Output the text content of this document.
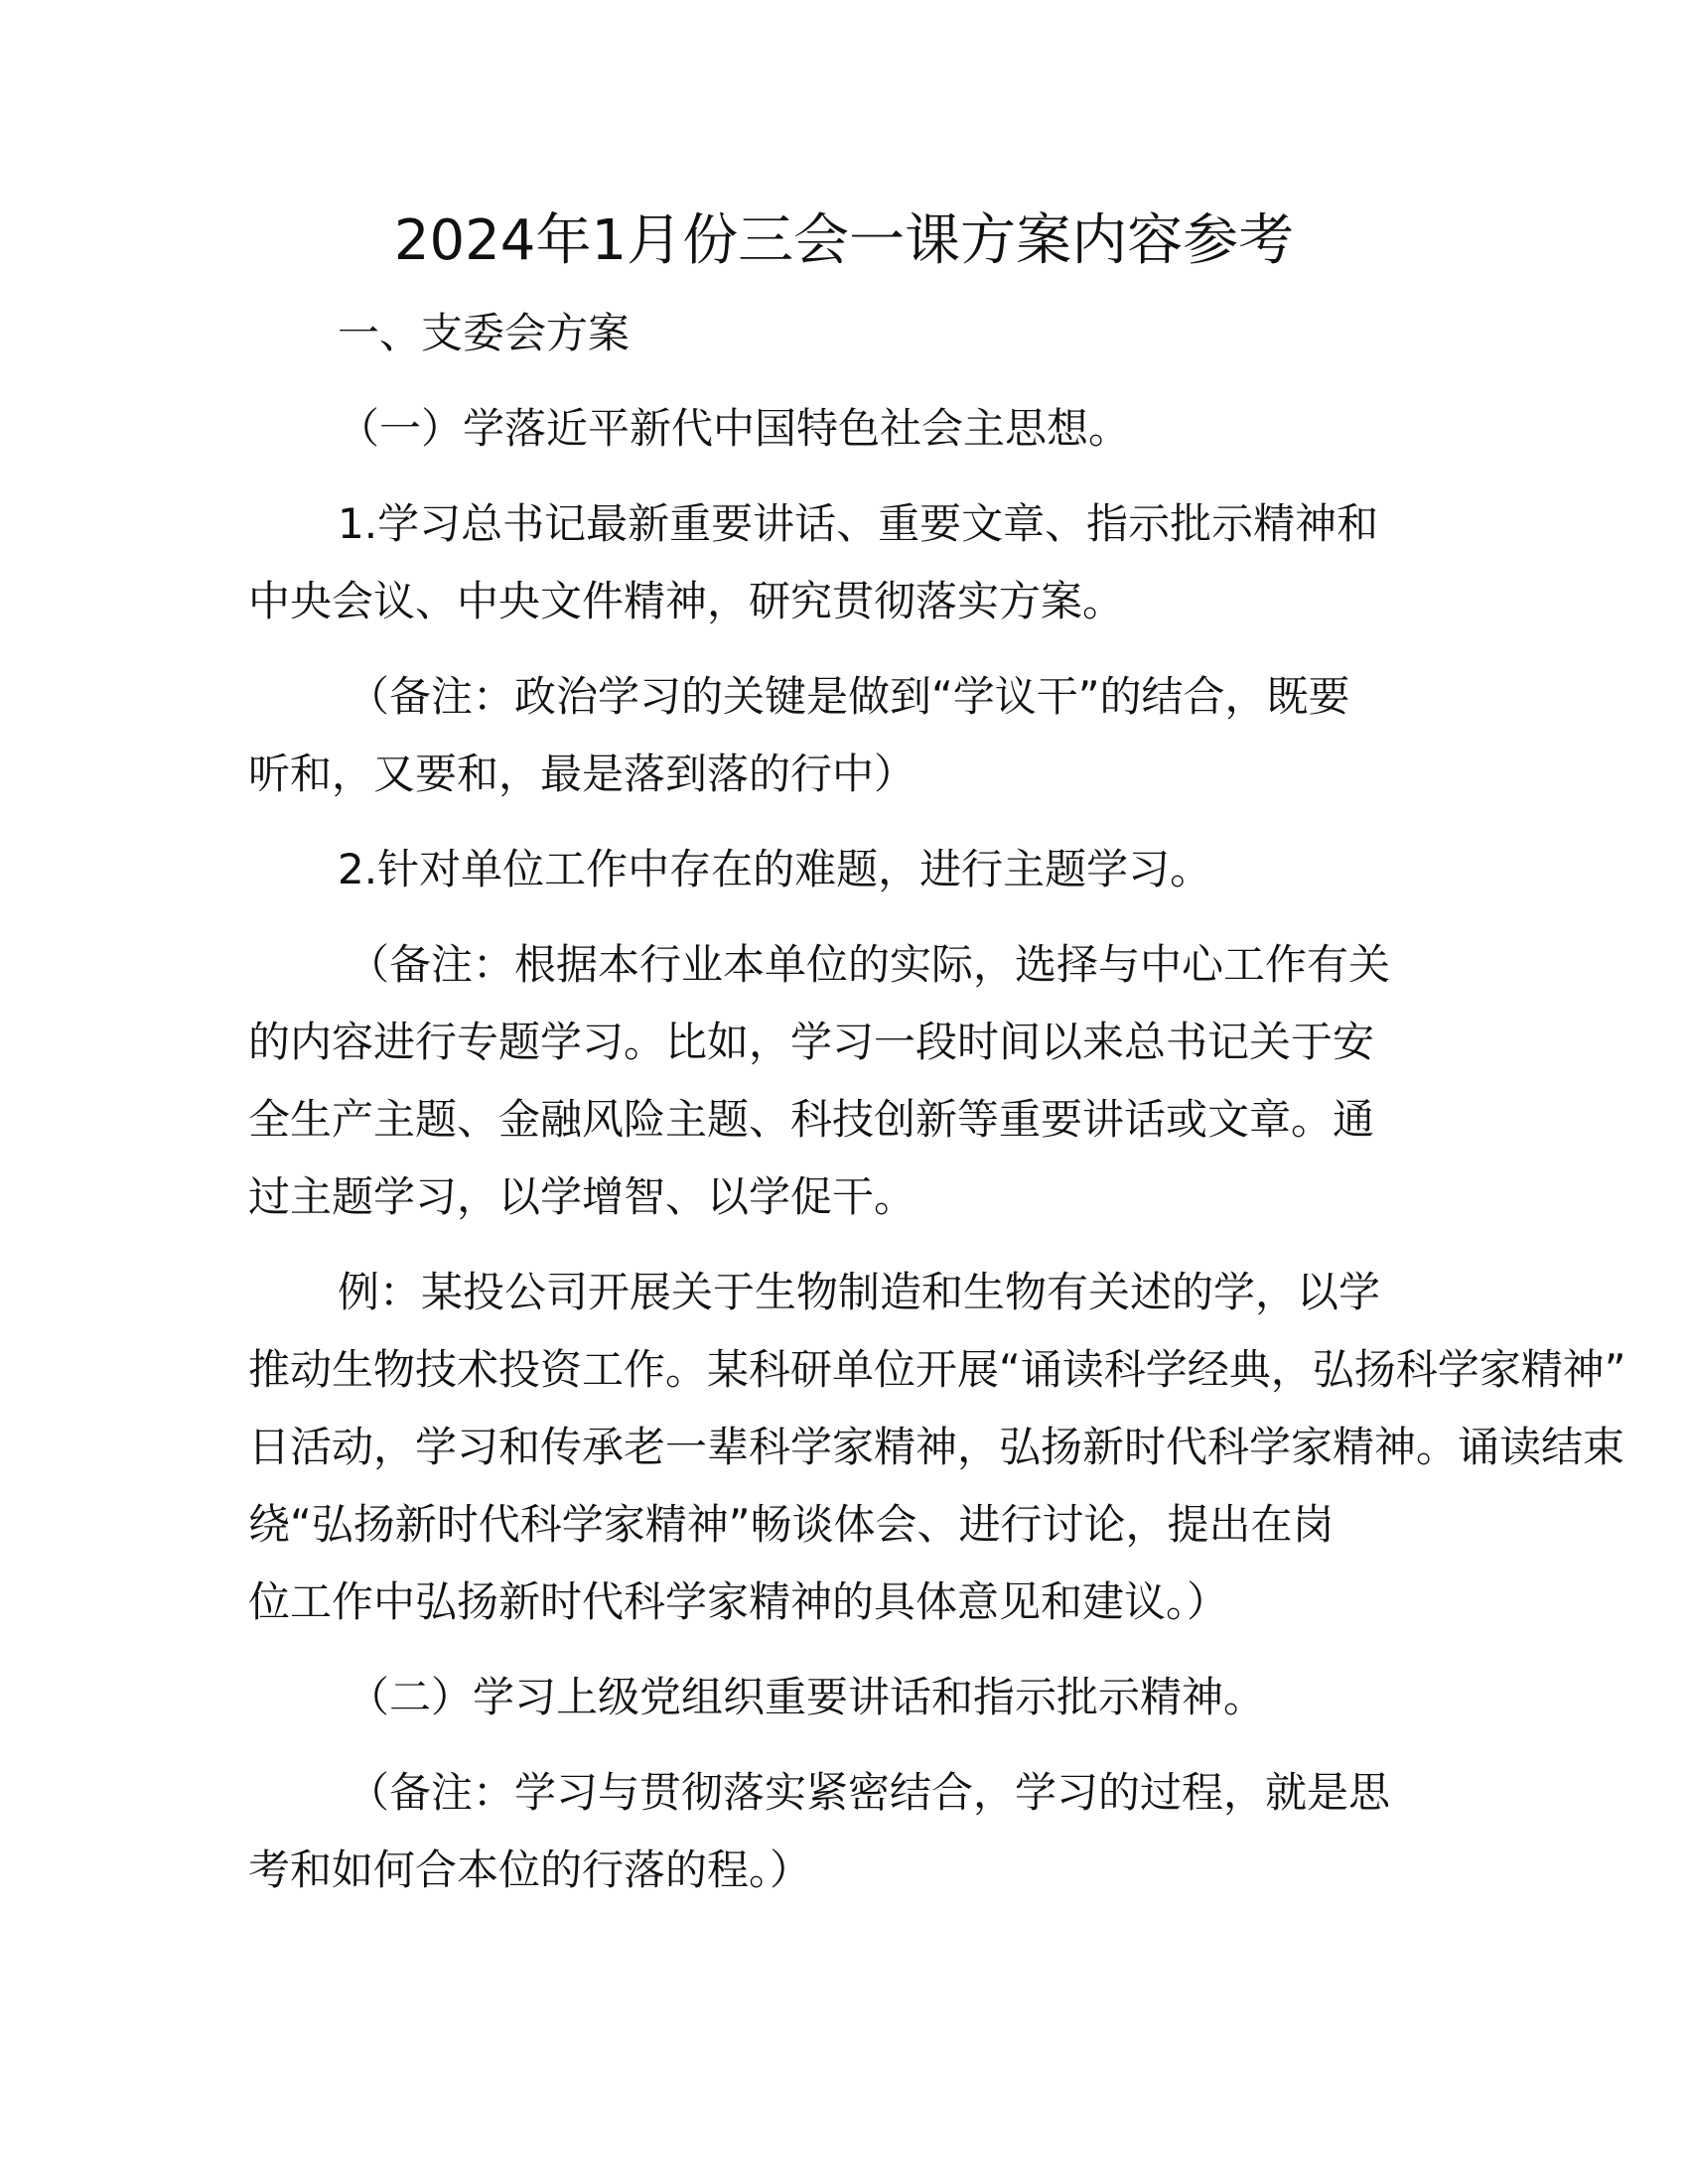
2024年1月份三会一课方案内容参考
一、支委会方案
（一）学落近平新代中国特色社会主思想。
1.学习总书记最新重要讲话、重要文章、指示批示精神和
中央会议、中央文件精神，研究贯彻落实方案。
（备注：政治学习的关键是做到“学议干”的结合，既要
听和，又要和，最是落到落的行中）
2.针对单位工作中存在的难题，进行主题学习。
（备注：根据本行业本单位的实际，选择与中心工作有关
的内容进行专题学习。比如，学习一段时间以来总书记关于安
全生产主题、金融风险主题、科技创新等重要讲话或文章。通
过主题学习，以学增智、以学促干。
例：某投公司开展关于生物制造和生物有关述的学，以学
推动生物技术投资工作。某科研单位开展“诵读科学经典，弘扬科学家精神”
日活动，学习和传承老一辈科学家精神，弘扬新时代科学家精神。诵读结束
绕“弘扬新时代科学家精神”畅谈体会、进行讨论，提出在岗
位工作中弘扬新时代科学家精神的具体意见和建议。）
（二）学习上级党组织重要讲话和指示批示精神。
（备注：学习与贯彻落实紧密结合，学习的过程，就是思
考和如何合本位的行落的程。）
